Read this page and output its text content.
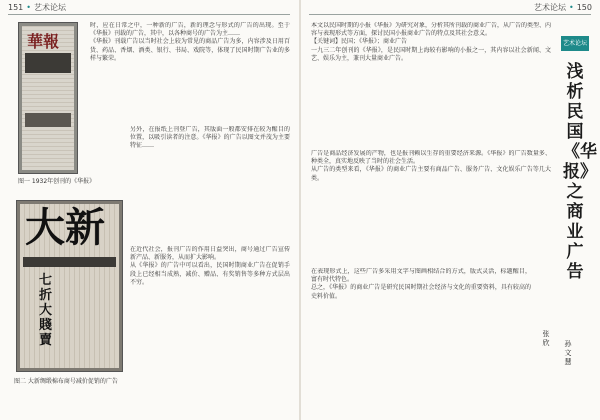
151 • 艺术论坛
華報
图一 1932年创刊的《华报》
大新
七折大賤賣
图二 大新绸缎棉布商号减价促销的广告

时，应在日常之中，一种新的广告，新的理念与形式的广告的出现。至于《华报》刊载的广告，其中，以各种商号的广告为主……

《华报》刊载广告以当时社会上较为常见的商品广告为多，内容涉及日用百货、药品、香烟、酒类、银行、书局、戏院等，体现了民国时期广告业的多样与繁荣。

另外，在报纸上刊登广告，其版面一般都安排在较为醒目的位置，以吸引读者的注意。《华报》的广告以图文并茂为主要特征……

在近代社会，报刊广告的作用日益突出，商号通过广告宣传新产品、新服务，从而扩大影响。

从《华报》的广告中可以看出，民国时期商业广告在促销手段上已经相当成熟，减价、赠品、有奖销售等多种方式层出不穷。

艺术论坛 • 150
艺术论坛
浅析民国《华报》之商业广告
张欣 孙文慧

本文以民国时期的小报《华报》为研究对象，分析其所刊载的商业广告，从广告的类型、内容与表现形式等方面，探讨民国小报商业广告的特点及其社会意义。

【关键词】民国；《华报》；商业广告

一九三二年创刊的《华报》，是民国时期上海较有影响的小报之一，其内容以社会新闻、文艺、娱乐为主，兼刊大量商业广告。

广告是商品经济发展的产物，也是报刊赖以生存的重要经济来源。《华报》的广告数量多、种类全，真实地反映了当时的社会生活。

从广告的类型来看，《华报》的商业广告主要有商品广告、服务广告、文化娱乐广告等几大类。

在表现形式上，这些广告多采用文字与图画相结合的方式，版式灵活，标题醒目，富有时代特色。

总之，《华报》的商业广告是研究民国时期社会经济与文化的重要资料，具有较高的史料价值。
